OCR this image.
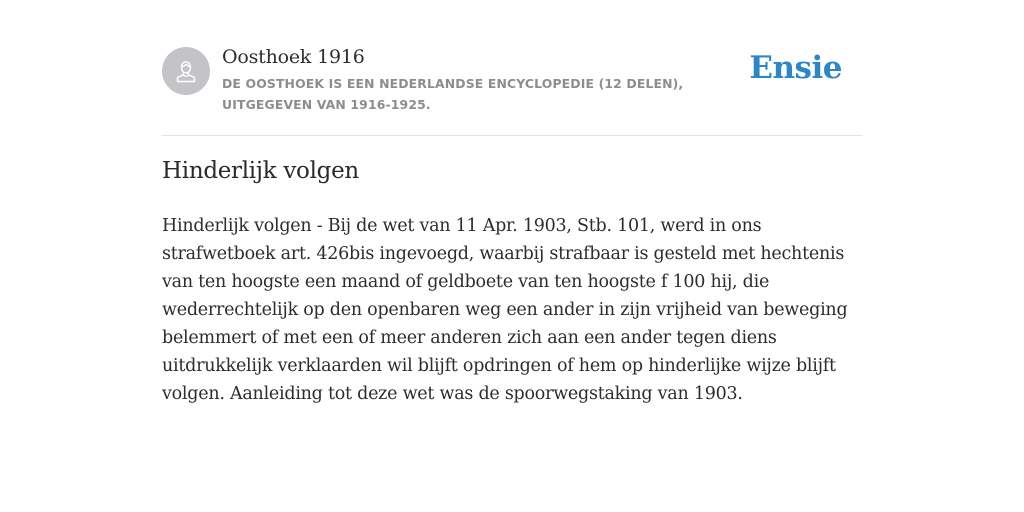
Oosthoek 1916
DE OOSTHOEK IS EEN NEDERLANDSE ENCYCLOPEDIE (12 DELEN), UITGEGEVEN VAN 1916-1925.
Ensie
Hinderlijk volgen

Hinderlijk volgen - Bij de wet van 11 Apr. 1903, Stb. 101, werd in ons strafwetboek art. 426bis ingevoegd, waarbij strafbaar is gesteld met hechtenis van ten hoogste een maand of geldboete van ten hoogste f 100 hij, die wederrechtelijk op den openbaren weg een ander in zijn vrijheid van beweging belemmert of met een of meer anderen zich aan een ander tegen diens uitdrukkelijk verklaarden wil blijft opdringen of hem op hinderlijke wijze blijft volgen. Aanleiding tot deze wet was de spoorwegstaking van 1903.
